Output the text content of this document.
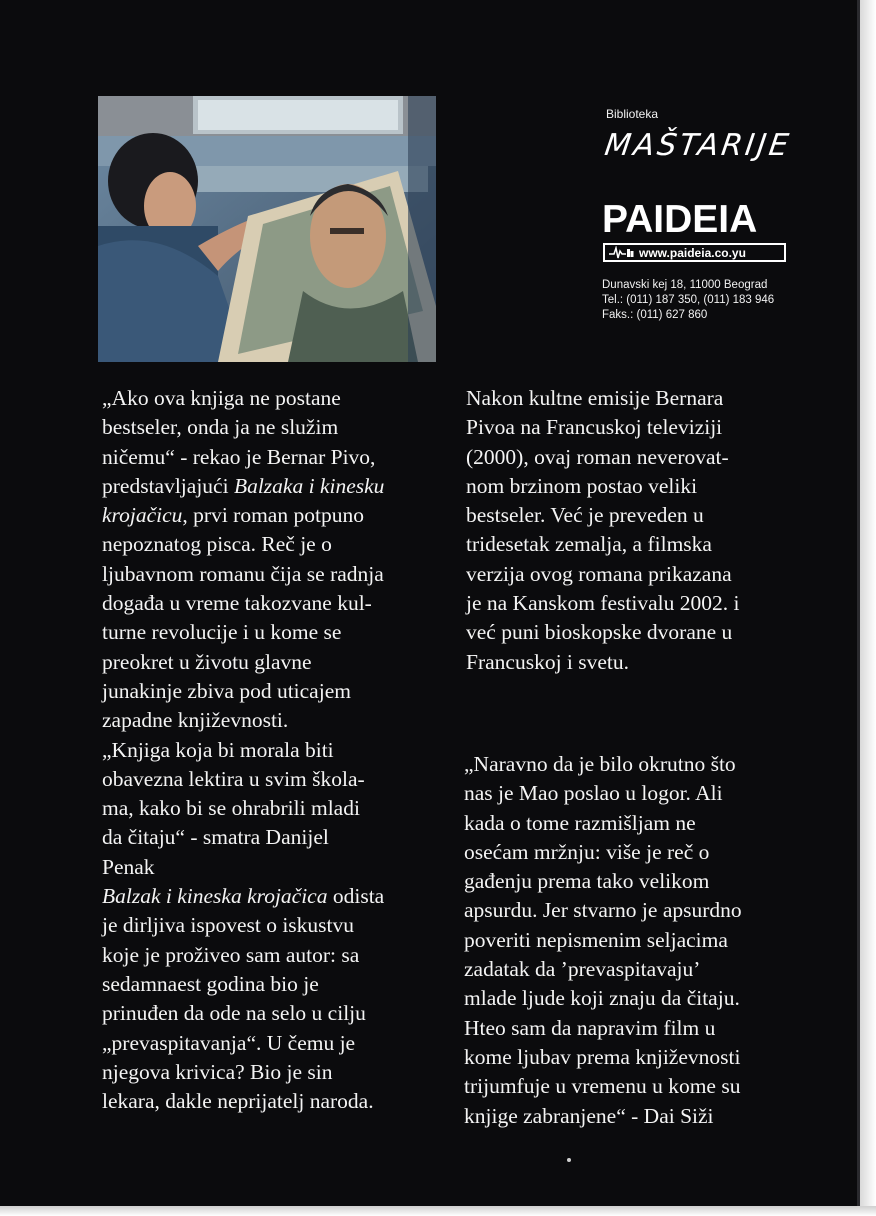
Biblioteka
MAŠTARIJE
PAIDEIA
www.paideia.co.yu
Dunavski kej 18, 11000 Beograd
Tel.: (011) 187 350, (011) 183 946
Faks.: (011) 627 860
„Ako ova knjiga ne postane
bestseler, onda ja ne služim
ničemu“ - rekao je Bernar Pivo,
predstavljajući Balzaka i kinesku
krojačicu, prvi roman potpuno
nepoznatog pisca. Reč je o
ljubavnom romanu čija se radnja
događa u vreme takozvane kul-
turne revolucije i u kome se
preokret u životu glavne
junakinje zbiva pod uticajem
zapadne književnosti.
„Knjiga koja bi morala biti
obavezna lektira u svim škola-
ma, kako bi se ohrabrili mladi
da čitaju“ - smatra Danijel
Penak
Balzak i kineska krojačica odista
je dirljiva ispovest o iskustvu
koje je proživeo sam autor: sa
sedamnaest godina bio je
prinuđen da ode na selo u cilju
„prevaspitavanja“. U čemu je
njegova krivica? Bio je sin
lekara, dakle neprijatelj naroda.
Nakon kultne emisije Bernara
Pivoa na Francuskoj televiziji
(2000), ovaj roman neverovat-
nom brzinom postao veliki
bestseler. Već je preveden u
tridesetak zemalja, a filmska
verzija ovog romana prikazana
je na Kanskom festivalu 2002. i
već puni bioskopske dvorane u
Francuskoj i svetu.
„Naravno da je bilo okrutno što
nas je Mao poslao u logor. Ali
kada o tome razmišljam ne
osećam mržnju: više je reč o
gađenju prema tako velikom
apsurdu. Jer stvarno je apsurdno
poveriti nepismenim seljacima
zadatak da ’prevaspitavaju’
mlade ljude koji znaju da čitaju.
Hteo sam da napravim film u
kome ljubav prema književnosti
trijumfuje u vremenu u kome su
knjige zabranjene“ - Dai Siži
